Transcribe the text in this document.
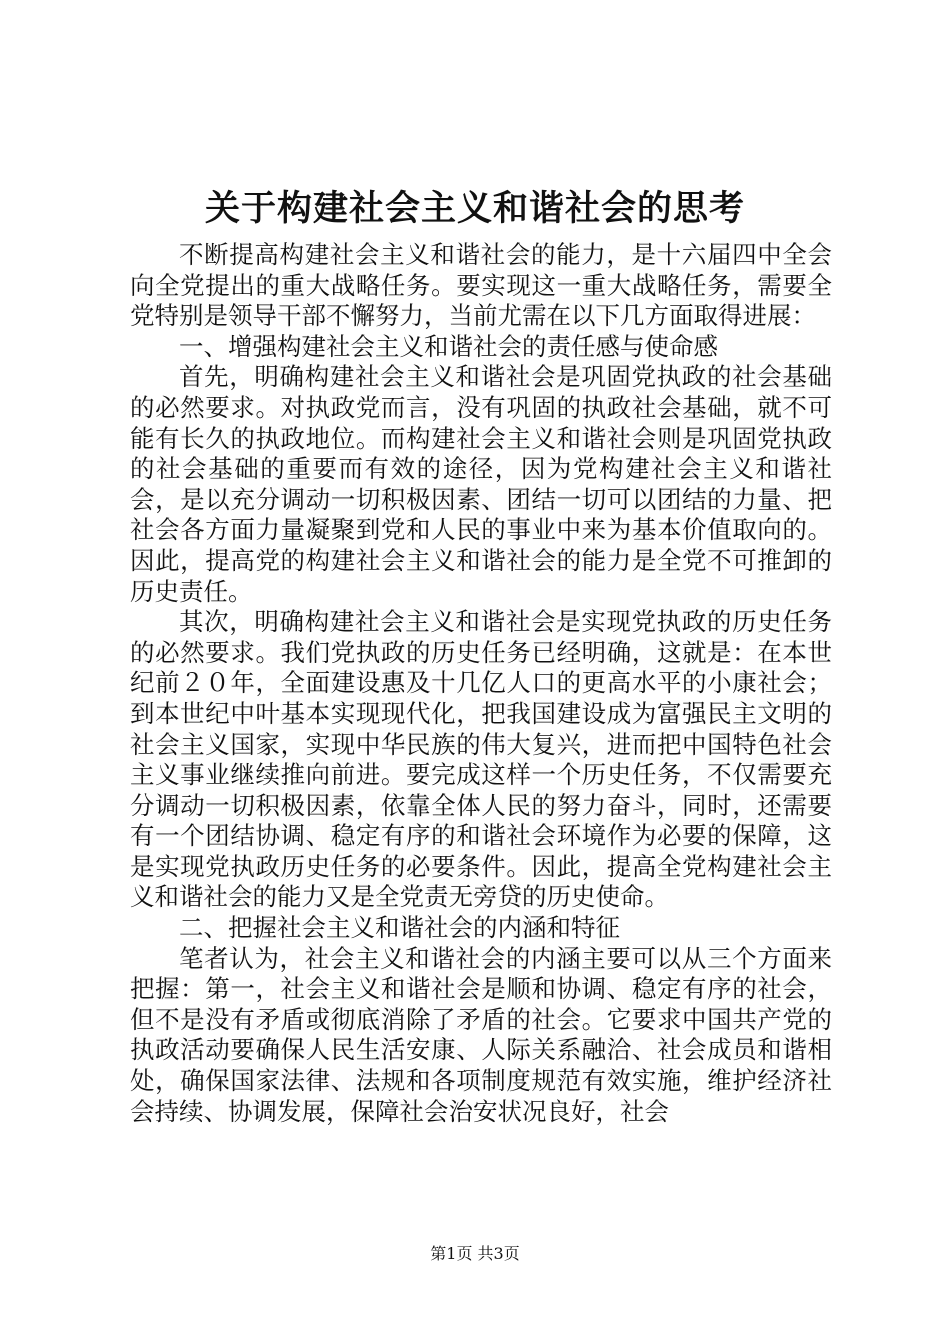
关于构建社会主义和谐社会的思考

不断提高构建社会主义和谐社会的能力，是十六届四中全会向全党提出的重大战略任务。要实现这一重大战略任务，需要全党特别是领导干部不懈努力，当前尤需在以下几方面取得进展：

一、增强构建社会主义和谐社会的责任感与使命感

首先，明确构建社会主义和谐社会是巩固党执政的社会基础的必然要求。对执政党而言，没有巩固的执政社会基础，就不可能有长久的执政地位。而构建社会主义和谐社会则是巩固党执政的社会基础的重要而有效的途径，因为党构建社会主义和谐社会，是以充分调动一切积极因素、团结一切可以团结的力量、把社会各方面力量凝聚到党和人民的事业中来为基本价值取向的。因此，提高党的构建社会主义和谐社会的能力是全党不可推卸的历史责任。

其次，明确构建社会主义和谐社会是实现党执政的历史任务的必然要求。我们党执政的历史任务已经明确，这就是：在本世纪前２０年，全面建设惠及十几亿人口的更高水平的小康社会；到本世纪中叶基本实现现代化，把我国建设成为富强民主文明的社会主义国家，实现中华民族的伟大复兴，进而把中国特色社会主义事业继续推向前进。要完成这样一个历史任务，不仅需要充分调动一切积极因素，依靠全体人民的努力奋斗，同时，还需要有一个团结协调、稳定有序的和谐社会环境作为必要的保障，这是实现党执政历史任务的必要条件。因此，提高全党构建社会主义和谐社会的能力又是全党责无旁贷的历史使命。

二、把握社会主义和谐社会的内涵和特征

笔者认为，社会主义和谐社会的内涵主要可以从三个方面来把握：第一，社会主义和谐社会是顺和协调、稳定有序的社会，但不是没有矛盾或彻底消除了矛盾的社会。它要求中国共产党的执政活动要确保人民生活安康、人际关系融洽、社会成员和谐相处，确保国家法律、法规和各项制度规范有效实施，维护经济社会持续、协调发展，保障社会治安状况良好，社会

第1页 共3页
